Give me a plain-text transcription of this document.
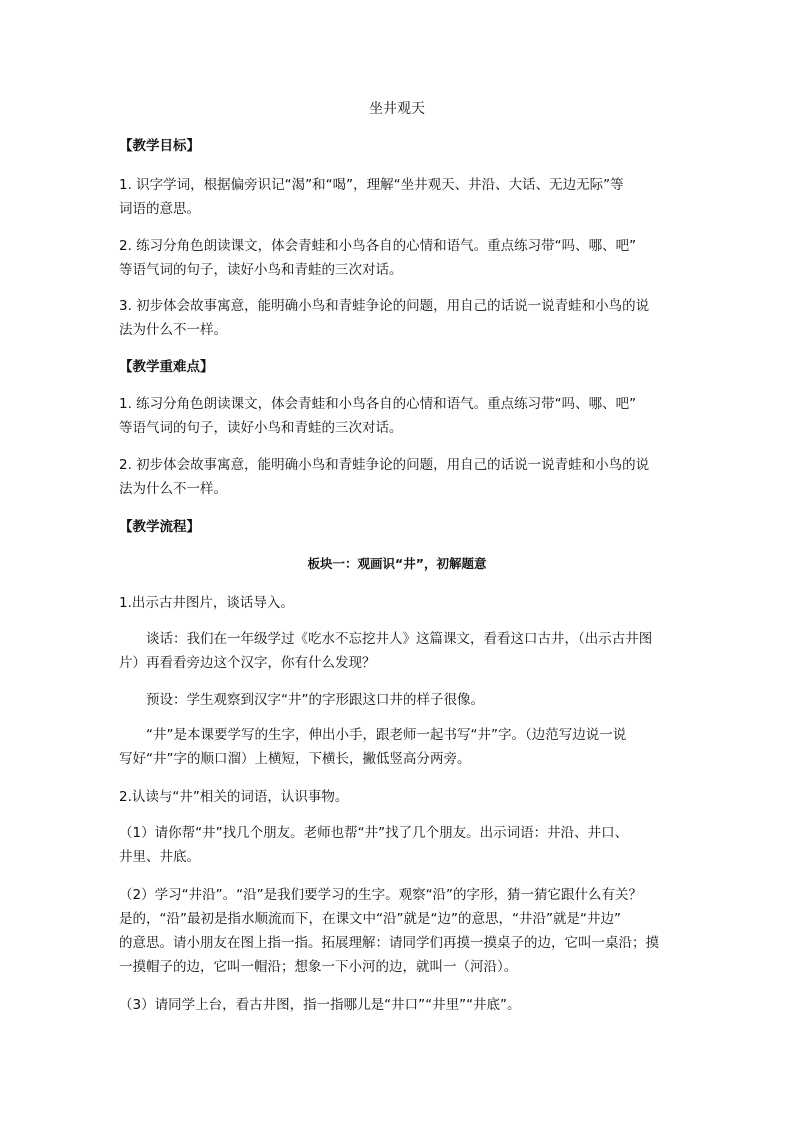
坐井观天
【教学目标】
1. 识字学词，根据偏旁识记“渴”和“喝”，理解“坐井观天、井沿、大话、无边无际”等
词语的意思。
2. 练习分角色朗读课文，体会青蛙和小鸟各自的心情和语气。重点练习带“吗、哪、吧”
等语气词的句子，读好小鸟和青蛙的三次对话。
3. 初步体会故事寓意，能明确小鸟和青蛙争论的问题，用自己的话说一说青蛙和小鸟的说
法为什么不一样。
【教学重难点】
1. 练习分角色朗读课文，体会青蛙和小鸟各自的心情和语气。重点练习带“吗、哪、吧”
等语气词的句子，读好小鸟和青蛙的三次对话。
2. 初步体会故事寓意，能明确小鸟和青蛙争论的问题，用自己的话说一说青蛙和小鸟的说
法为什么不一样。
【教学流程】
板块一：观画识“井”，初解题意
1.出示古井图片，谈话导入。
谈话：我们在一年级学过《吃水不忘挖井人》这篇课文，看看这口古井，（出示古井图
片）再看看旁边这个汉字，你有什么发现？
预设：学生观察到汉字“井”的字形跟这口井的样子很像。
“井”是本课要学写的生字，伸出小手，跟老师一起书写“井”字。（边范写边说一说
写好“井”字的顺口溜）上横短，下横长，撇低竖高分两旁。
2.认读与“井”相关的词语，认识事物。
（1）请你帮“井”找几个朋友。老师也帮“井”找了几个朋友。出示词语：井沿、井口、
井里、井底。
（2）学习“井沿”。“沿”是我们要学习的生字。观察“沿”的字形，猜一猜它跟什么有关？
是的，“沿”最初是指水顺流而下，在课文中“沿”就是“边”的意思，“井沿”就是“井边”
的意思。请小朋友在图上指一指。拓展理解：请同学们再摸一摸桌子的边，它叫一桌沿；摸
一摸帽子的边，它叫一帽沿；想象一下小河的边，就叫一（河沿）。
（3）请同学上台，看古井图，指一指哪儿是“井口”“井里”“井底”。
